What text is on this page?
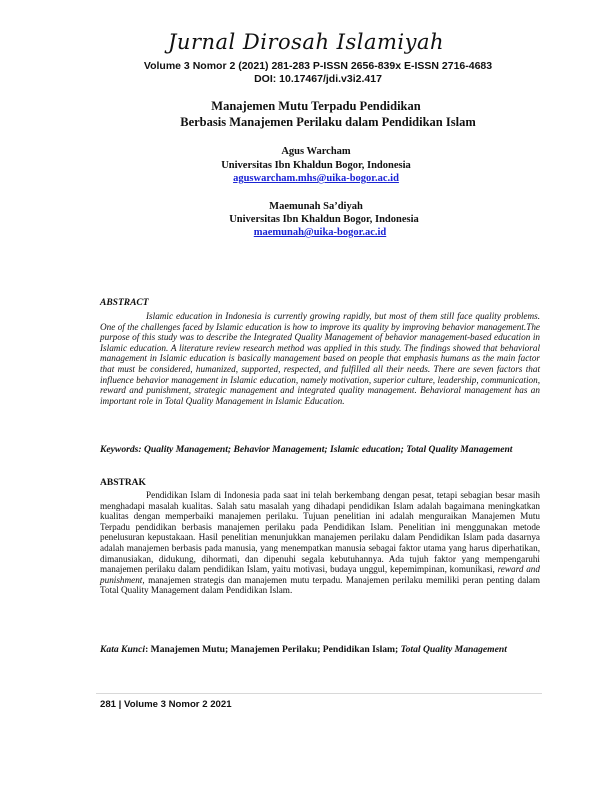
Jurnal Dirosah Islamiyah
Volume 3 Nomor 2 (2021) 281-283 P-ISSN 2656-839x E-ISSN 2716-4683
DOI: 10.17467/jdi.v3i2.417
Manajemen Mutu Terpadu Pendidikan
Berbasis Manajemen Perilaku dalam Pendidikan Islam
Agus Warcham
Universitas Ibn Khaldun Bogor, Indonesia
aguswarcham.mhs@uika-bogor.ac.id
Maemunah Sa’diyah
Universitas Ibn Khaldun Bogor, Indonesia
maemunah@uika-bogor.ac.id
ABSTRACT

Islamic education in Indonesia is currently growing rapidly, but most of them still face quality problems. One of the challenges faced by Islamic education is how to improve its quality by improving behavior management.The purpose of this study was to describe the Integrated Quality Management of behavior management-based education in Islamic education. A literature review research method was applied in this study. The findings showed that behavioral management in Islamic education is basically management based on people that emphasis humans as the main factor that must be considered, humanized, supported, respected, and fulfilled all their needs. There are seven factors that influence behavior management in Islamic education, namely motivation, superior culture, leadership, communication, reward and punishment, strategic management and integrated quality management. Behavioral management has an important role in Total Quality Management in Islamic Education.

Keywords: Quality Management; Behavior Management; Islamic education; Total Quality Management
ABSTRAK

Pendidikan Islam di Indonesia pada saat ini telah berkembang dengan pesat, tetapi sebagian besar masih menghadapi masalah kualitas. Salah satu masalah yang dihadapi pendidikan Islam adalah bagaimana meningkatkan kualitas dengan memperbaiki manajemen perilaku. Tujuan penelitian ini adalah menguraikan Manajemen Mutu Terpadu pendidikan berbasis manajemen perilaku pada Pendidikan Islam. Penelitian ini menggunakan metode penelusuran kepustakaan. Hasil penelitian menunjukkan manajemen perilaku dalam Pendidikan Islam pada dasarnya adalah manajemen berbasis pada manusia, yang menempatkan manusia sebagai faktor utama yang harus diperhatikan, dimanusiakan, didukung, dihormati, dan dipenuhi segala kebutuhannya. Ada tujuh faktor yang mempengaruhi manajemen perilaku dalam pendidikan Islam, yaitu motivasi, budaya unggul, kepemimpinan, komunikasi, reward and punishment, manajemen strategis dan manajemen mutu terpadu. Manajemen perilaku memiliki peran penting dalam Total Quality Management dalam Pendidikan Islam.

Kata Kunci: Manajemen Mutu; Manajemen Perilaku; Pendidikan Islam; Total Quality Management
281 | Volume 3 Nomor 2 2021
